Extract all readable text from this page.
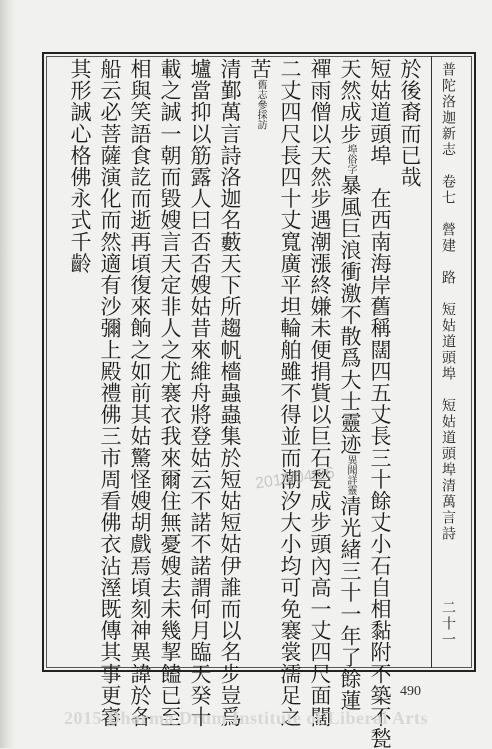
普陀洛迦新志　卷七　營建　路　短姑道頭埠　短姑道頭埠清萬言詩
二十一
於後裔而已哉
短姑道頭埠　在西南海岸舊稱闊四五丈長三十餘丈小石自相黏附不築不甃
天然成步埠俗字暴風巨浪衝激不散爲大士靈迹異聞詳靈清光緒三十一年了餘蓮
禪雨僧以天然步遇潮漲終嫌未便捐貲以巨石甃成步頭內高一丈四尺面闊
二丈四尺長四十丈寬廣平坦輪舶雖不得並而潮汐大小均可免褰裳濡足之
苦舊志參採訪
清鄞萬言詩洛迦名藪天下所趨帆檣蟲蟲集於短姑短姑伊誰而以名步豈爲
壚當抑以筋露人曰否否嫂姑昔來維舟將登姑云不諾不諾謂何月臨天癸十
載之誠一朝而毀嫂言天定非人之尤褰衣我來爾住無憂嫂去未幾挈饁已至
相與笑語食訖而逝再頃復來餉之如前其姑驚怪嫂胡戲焉頃刻神異諱於各
船云必菩薩演化而然適有沙彌上殿禮佛三市周看佛衣沾溼既傳其事更審
其形誠心格佛永式千齡
2015/04/26
490
2015 Dharma Drum Institute of Liberal Arts
